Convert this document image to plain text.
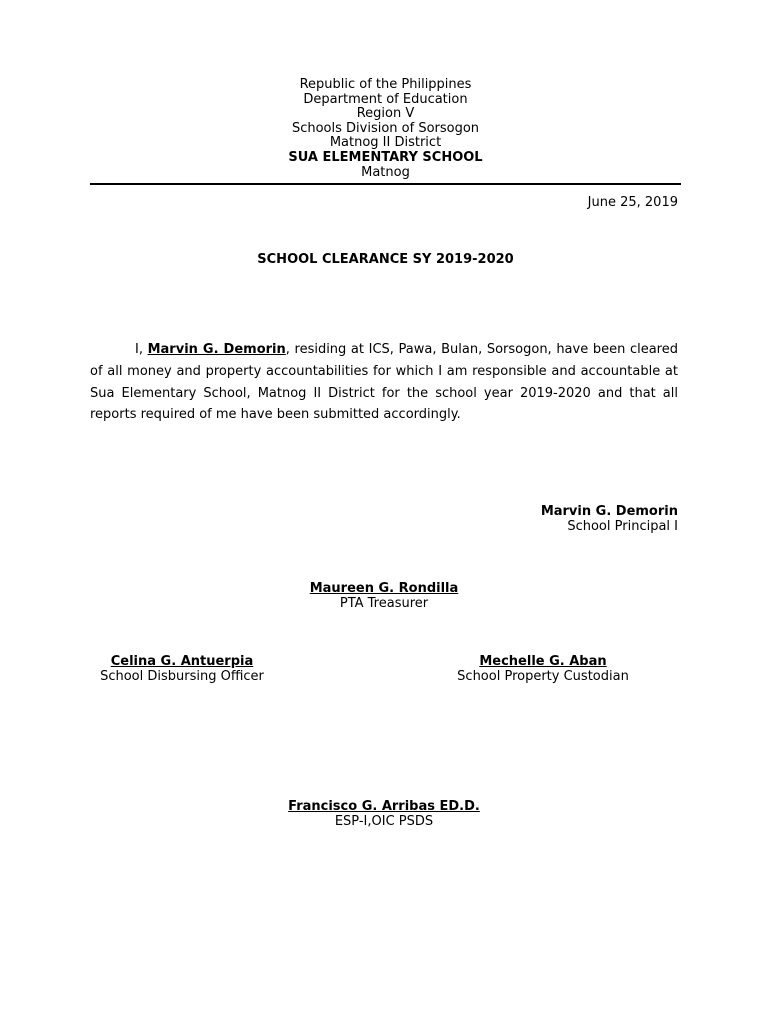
Republic of the Philippines
Department of Education
Region V
Schools Division of Sorsogon
Matnog II District
SUA ELEMENTARY SCHOOL
Matnog
June 25, 2019
SCHOOL CLEARANCE SY 2019-2020

I, Marvin G. Demorin, residing at ICS, Pawa, Bulan, Sorsogon, have been cleared of all money and property accountabilities for which I am responsible and accountable at Sua Elementary School, Matnog II District for the school year 2019-2020 and that all reports required of me have been submitted accordingly.

Marvin G. Demorin
School Principal I
Maureen G. Rondilla
PTA Treasurer
Celina G. Antuerpia
School Disbursing Officer
Mechelle G. Aban
School Property Custodian
Francisco G. Arribas ED.D.
ESP-I,OIC PSDS
